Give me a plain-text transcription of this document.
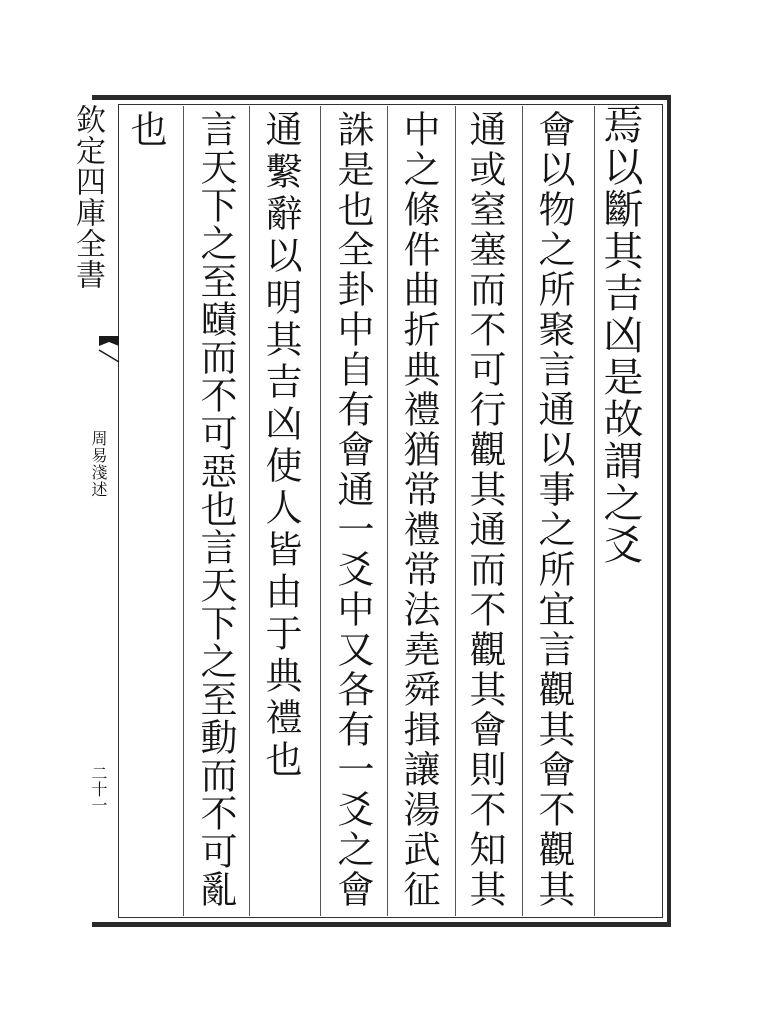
欽定四庫全書
周易淺述
二十一
焉以斷其吉凶是故謂之爻
會以物之所聚言通以事之所宜言觀其會不觀其
通或窒塞而不可行觀其通而不觀其會則不知其
中之條件曲折典禮猶常禮常法堯舜揖讓湯武征
誅是也全卦中自有會通一爻中又各有一爻之會
通繫辭以明其吉凶使人皆由于典禮也
言天下之至賾而不可惡也言天下之至動而不可亂
也
